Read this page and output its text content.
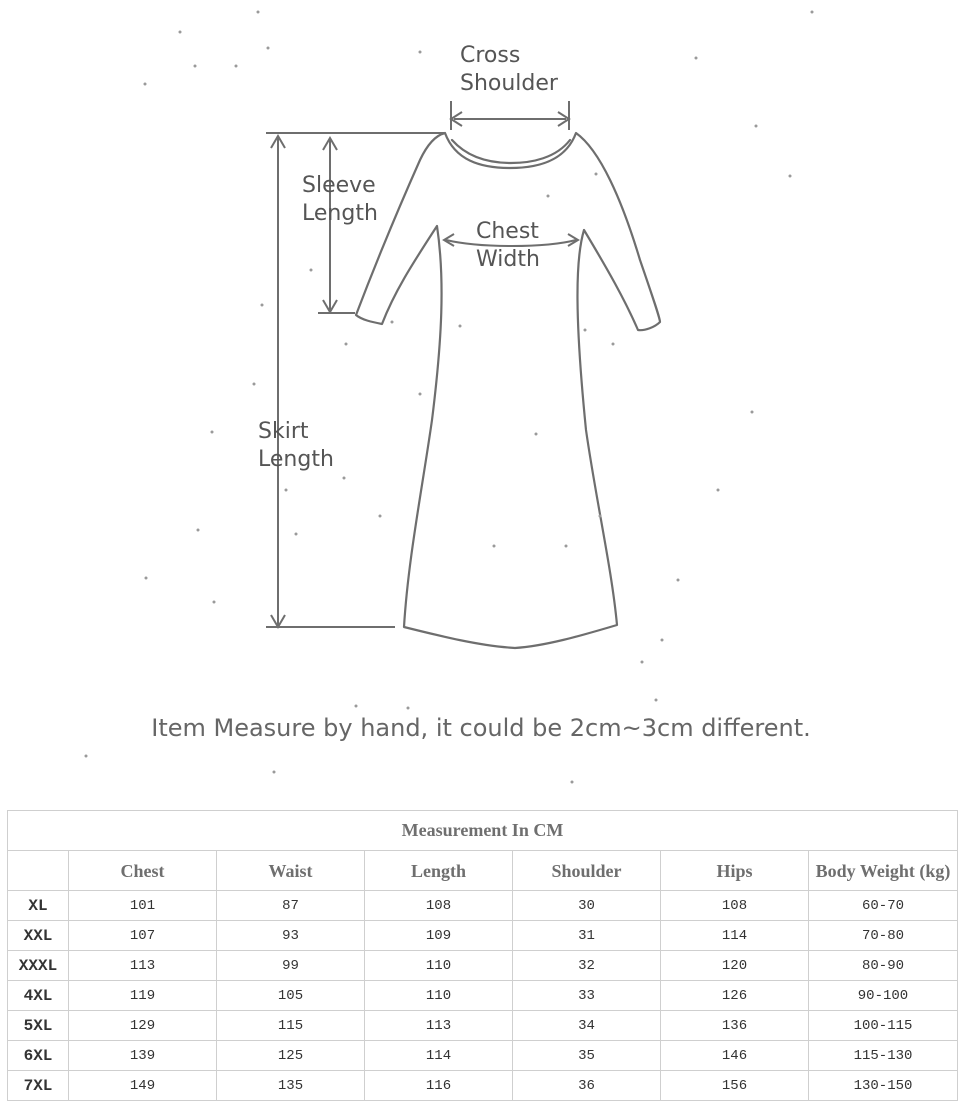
Cross
Shoulder
Sleeve
Length
Chest
Width
Skirt
Length
Item Measure by hand, it could be 2cm~3cm different.
Measurement In CM						
	Chest	Waist	Length	Shoulder	Hips	Body Weight (kg)
XL	101	87	108	30	108	60-70
XXL	107	93	109	31	114	70-80
XXXL	113	99	110	32	120	80-90
4XL	119	105	110	33	126	90-100
5XL	129	115	113	34	136	100-115
6XL	139	125	114	35	146	115-130
7XL	149	135	116	36	156	130-150
